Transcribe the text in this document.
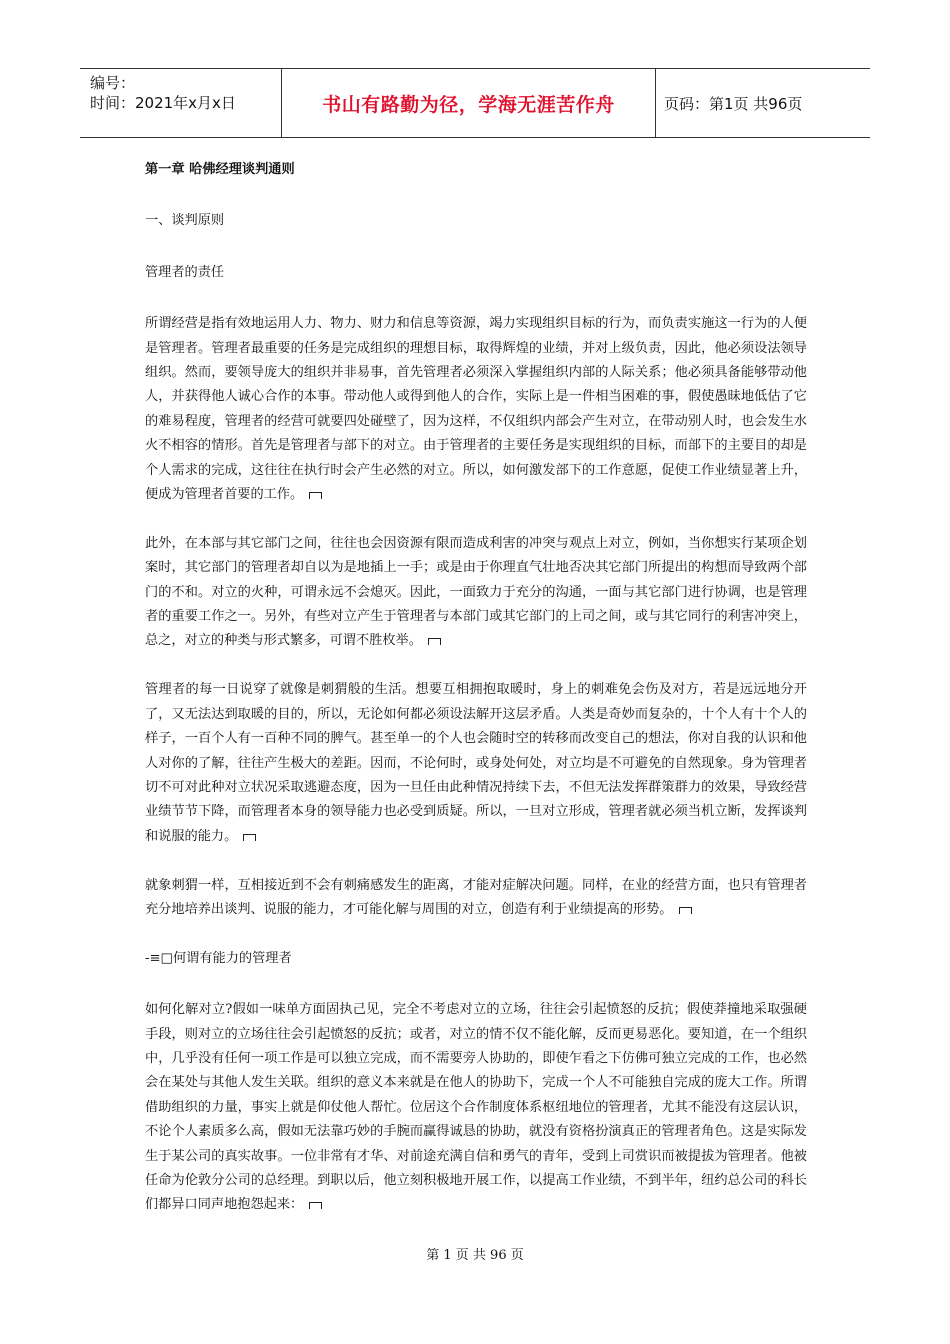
编号：
时间：2021年x月x日	书山有路勤为径，学海无涯苦作舟	页码：第1页 共96页

第一章 哈佛经理谈判通则

一、谈判原则

管理者的责任

所谓经营是指有效地运用人力、物力、财力和信息等资源，竭力实现组织目标的行为，而负责实施这一行为的人便是管理者。管理者最重要的任务是完成组织的理想目标，取得辉煌的业绩，并对上级负责，因此，他必须设法领导组织。然而，要领导庞大的组织并非易事，首先管理者必须深入掌握组织内部的人际关系；他必须具备能够带动他人，并获得他人诚心合作的本事。带动他人或得到他人的合作，实际上是一件相当困难的事，假使愚昧地低估了它的难易程度，管理者的经营可就要四处碰壁了，因为这样，不仅组织内部会产生对立，在带动别人时，也会发生水火不相容的情形。首先是管理者与部下的对立。由于管理者的主要任务是实现组织的目标，而部下的主要目的却是个人需求的完成，这往往在执行时会产生必然的对立。所以，如何激发部下的工作意愿，促使工作业绩显著上升，便成为管理者首要的工作。

此外，在本部与其它部门之间，往往也会因资源有限而造成利害的冲突与观点上对立，例如，当你想实行某项企划案时，其它部门的管理者却自以为是地插上一手；或是由于你理直气壮地否决其它部门所提出的构想而导致两个部门的不和。对立的火种，可谓永远不会熄灭。因此，一面致力于充分的沟通，一面与其它部门进行协调，也是管理者的重要工作之一。另外，有些对立产生于管理者与本部门或其它部门的上司之间，或与其它同行的利害冲突上，总之，对立的种类与形式繁多，可谓不胜枚举。

管理者的每一日说穿了就像是刺猬般的生活。想要互相拥抱取暖时，身上的刺难免会伤及对方，若是远远地分开了，又无法达到取暖的目的，所以，无论如何都必须设法解开这层矛盾。人类是奇妙而复杂的，十个人有十个人的样子，一百个人有一百种不同的脾气。甚至单一的个人也会随时空的转移而改变自己的想法，你对自我的认识和他人对你的了解，往往产生极大的差距。因而，不论何时，或身处何处，对立均是不可避免的自然现象。身为管理者切不可对此种对立状况采取逃避态度，因为一旦任由此种情况持续下去，不但无法发挥群策群力的效果，导致经营业绩节节下降，而管理者本身的领导能力也必受到质疑。所以，一旦对立形成，管理者就必须当机立断，发挥谈判和说服的能力。

就象刺猬一样，互相接近到不会有刺痛感发生的距离，才能对症解决问题。同样，在业的经营方面，也只有管理者充分地培养出谈判、说服的能力，才可能化解与周围的对立，创造有利于业绩提高的形势。

-≡□何谓有能力的管理者

如何化解对立?假如一味单方面固执己见，完全不考虑对立的立场，往往会引起愤怒的反抗；假使莽撞地采取强硬手段，则对立的立场往往会引起愤怒的反抗；或者，对立的情不仅不能化解，反而更易恶化。要知道，在一个组织中，几乎没有任何一项工作是可以独立完成，而不需要旁人协助的，即使乍看之下仿佛可独立完成的工作，也必然会在某处与其他人发生关联。组织的意义本来就是在他人的协助下，完成一个人不可能独自完成的庞大工作。所谓借助组织的力量，事实上就是仰仗他人帮忙。位居这个合作制度体系枢纽地位的管理者，尤其不能没有这层认识，不论个人素质多么高，假如无法靠巧妙的手腕而赢得诚恳的协助，就没有资格扮演真正的管理者角色。这是实际发生于某公司的真实故事。一位非常有才华、对前途充满自信和勇气的青年，受到上司赏识而被提拔为管理者。他被任命为伦敦分公司的总经理。到职以后，他立刻积极地开展工作，以提高工作业绩，不到半年，纽约总公司的科长们都异口同声地抱怨起来：

第 1 页 共 96 页
